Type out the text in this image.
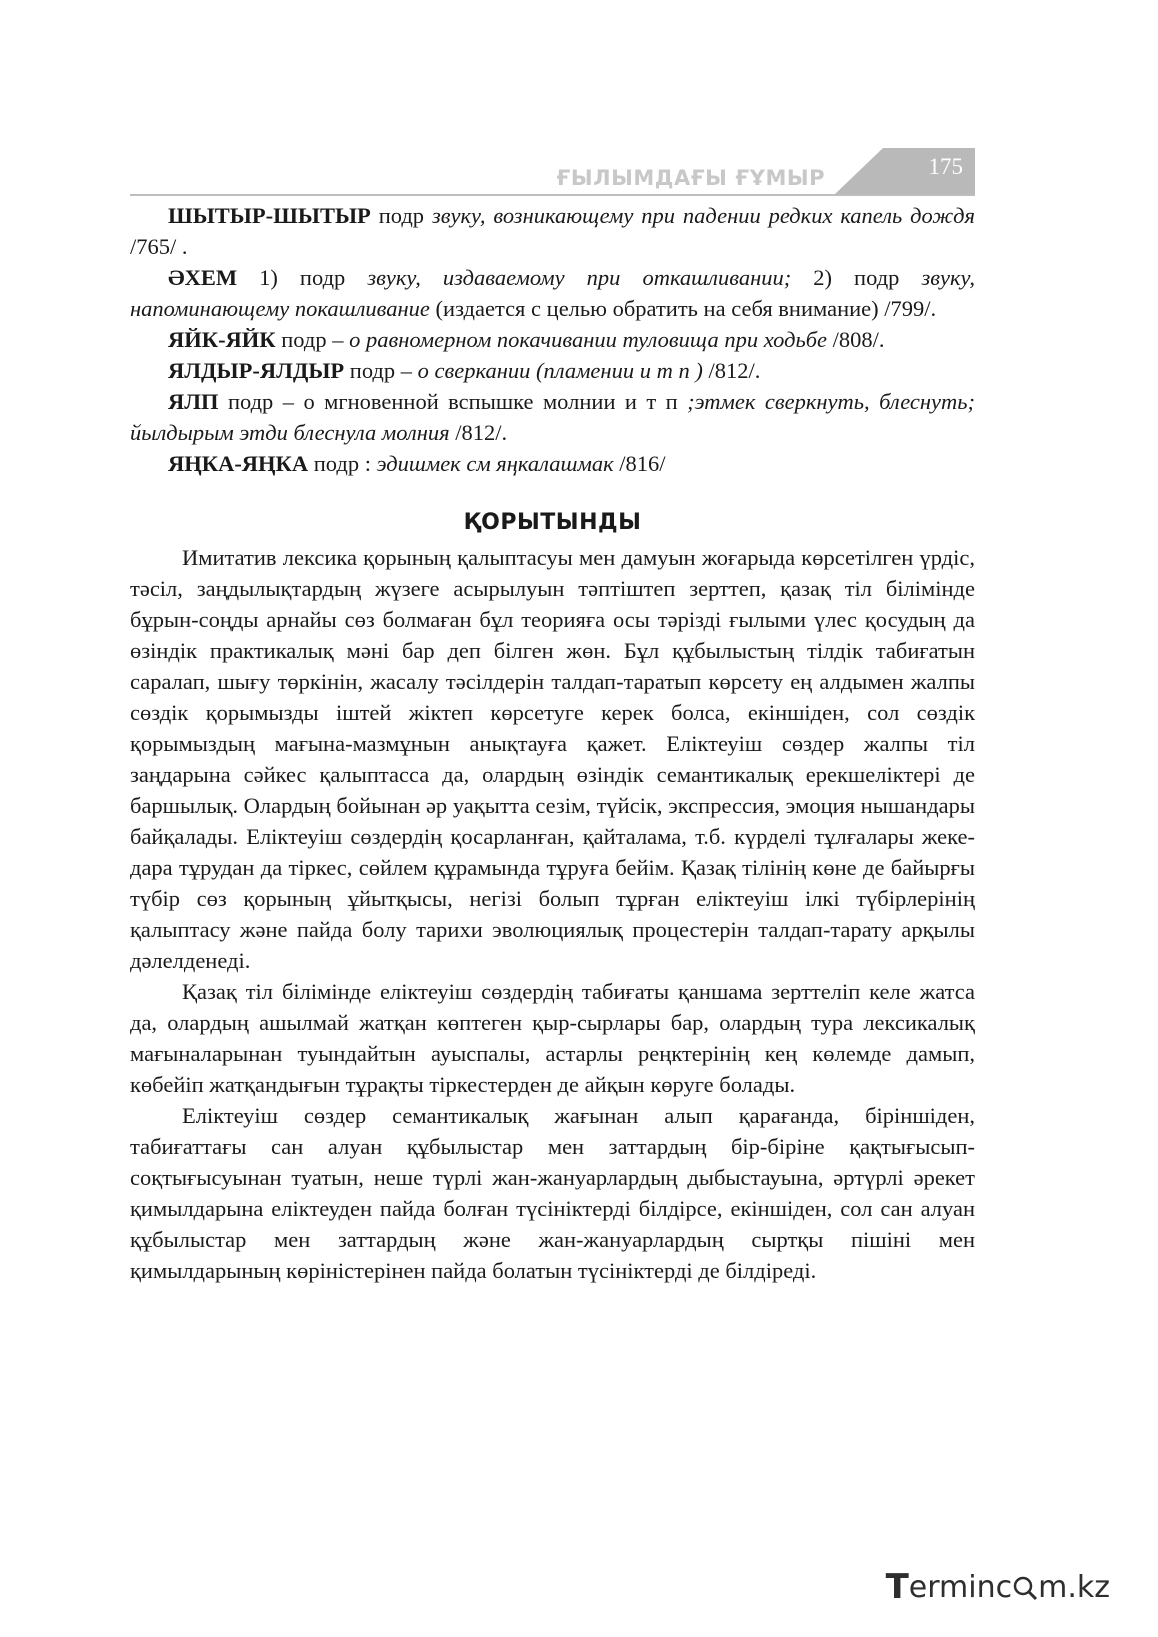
ҒЫЛЫМДАҒЫ ҒҰМЫР	175

ШЫТЫР-ШЫТЫР подр звуку, возникающему при падении редких капель дождя /765/ .

ӘХЕМ 1) подр звуку, издаваемому при откашливании; 2) подр звуку, напоминающему покашливание (издается с целью обратить на себя внимание) /799/.

ЯЙК-ЯЙК подр – о равномерном покачивании туловища при ходьбе /808/.

ЯЛДЫР-ЯЛДЫР подр – о сверкании (пламении и т п ) /812/.

ЯЛП подр – о мгновенной вспышке молнии и т п ;этмек сверкнуть, блеснуть; йылдырым этди блеснула молния /812/.

ЯҢКА-ЯҢКА подр : эдишмек см яңкалашмак /816/

ҚОРЫТЫНДЫ

Имитатив лексика қорының қалыптасуы мен дамуын жоғарыда көрсетілген үрдіс, тәсіл, заңдылықтардың жүзеге асырылуын тәптіштеп зерттеп, қазақ тіл білімінде бұрын-соңды арнайы сөз болмаған бұл теорияға осы тәрізді ғылыми үлес қосудың да өзіндік практикалық мәні бар деп білген жөн. Бұл құбылыстың тілдік табиғатын саралап, шығу төркінін, жасалу тәсілдерін талдап-таратып көрсету ең алдымен жалпы сөздік қорымызды іштей жіктеп көрсетуге керек болса, екіншіден, сол сөздік қорымыздың мағына-мазмұнын анықтауға қажет. Еліктеуіш сөздер жалпы тіл заңдарына сәйкес қалыптасса да, олардың өзіндік семантикалық ерекшеліктері де баршылық. Олардың бойынан әр уақытта сезім, түйсік, экспрессия, эмоция нышандары байқалады. Еліктеуіш сөздердің қосарланған, қайталама, т.б. күрделі тұлғалары жеке-дара тұрудан да тіркес, сөйлем құрамында тұруға бейім. Қазақ тілінің көне де байырғы түбір сөз қорының ұйытқысы, негізі болып тұрған еліктеуіш ілкі түбірлерінің қалыптасу және пайда болу тарихи эволюциялық процестерін талдап-тарату арқылы дәлелденеді.

Қазақ тіл білімінде еліктеуіш сөздердің табиғаты қаншама зерттеліп келе жатса да, олардың ашылмай жатқан көптеген қыр-сырлары бар, олардың тура лексикалық мағыналарынан туындайтын ауыспалы, астарлы реңктерінің кең көлемде дамып, көбейіп жатқандығын тұрақты тіркестерден де айқын көруге болады.

Еліктеуіш сөздер семантикалық жағынан алып қарағанда, біріншіден, табиғаттағы сан алуан құбылыстар мен заттардың бір-біріне қақтығысып-соқтығысуынан туатын, неше түрлі жан-жануарлардың дыбыстауына, әртүрлі әрекет қимылдарына еліктеуден пайда болған түсініктерді білдірсе, екіншіден, сол сан алуан құбылыстар мен заттардың және жан-жануарлардың сыртқы пішіні мен қимылдарының көріністерінен пайда болатын түсініктерді де білдіреді.

T erminc m.kz
